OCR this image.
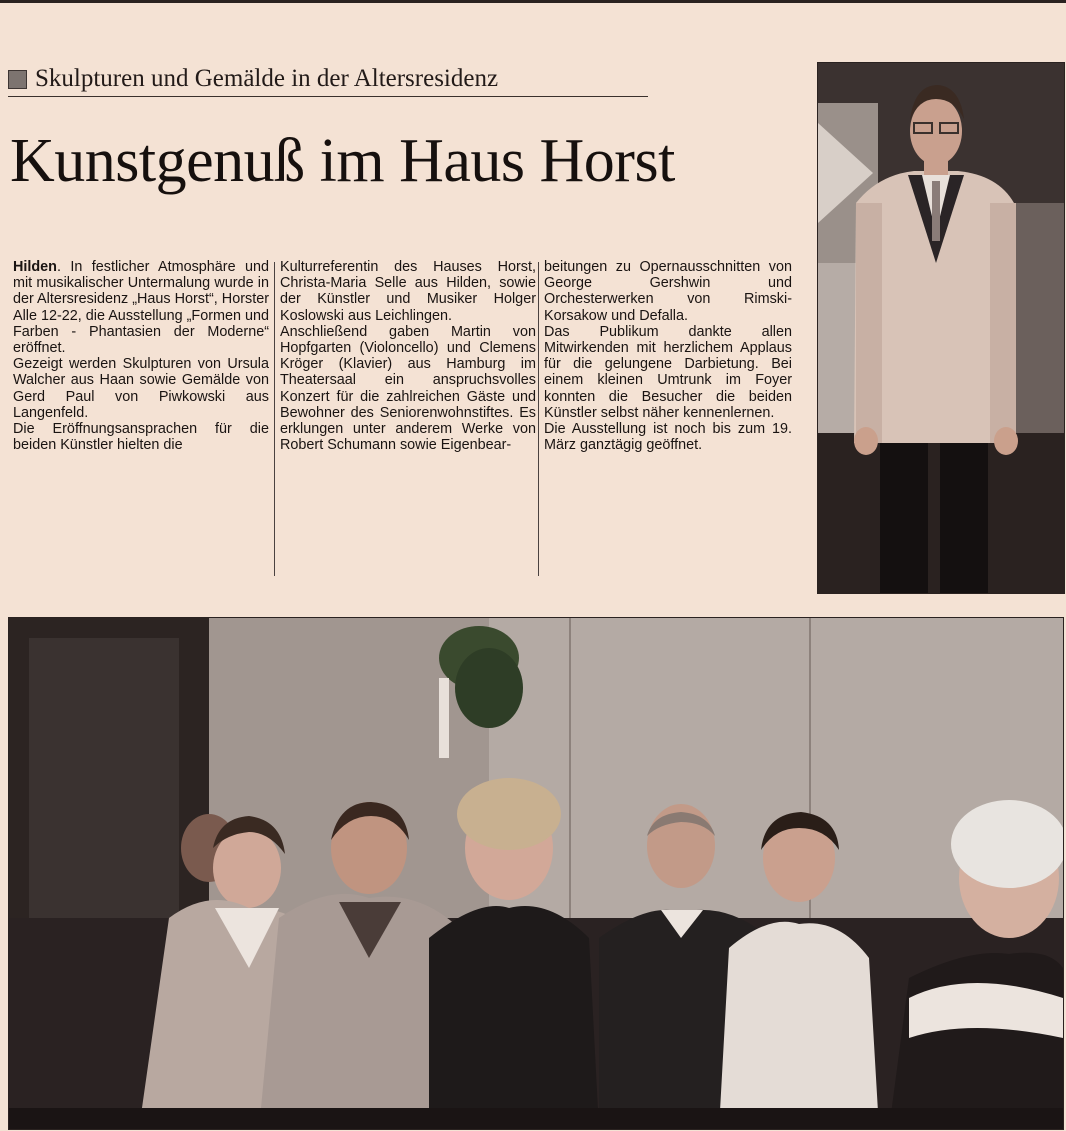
Skulpturen und Gemälde in der Altersresidenz
Kunstgenuß im Haus Horst

Hilden. In festlicher Atmosphäre und mit musikalischer Untermalung wurde in der Altersresidenz „Haus Horst“, Horster Alle 12-22, die Ausstellung „Formen und Farben - Phantasien der Moderne“ eröffnet.

Gezeigt werden Skulpturen von Ursula Walcher aus Haan sowie Gemälde von Gerd Paul von Piwkowski aus Langenfeld.

Die Eröffnungsansprachen für die beiden Künstler hielten die

Kulturreferentin des Hauses Horst, Christa-Maria Selle aus Hilden, sowie der Künstler und Musiker Holger Koslowski aus Leichlingen.

Anschließend gaben Martin von Hopfgarten (Violoncello) und Clemens Kröger (Klavier) aus Hamburg im Theatersaal ein anspruchsvolles Konzert für die zahlreichen Gäste und Bewohner des Seniorenwohnstiftes. Es erklungen unter anderem Werke von Robert Schumann sowie Eigenbear-

beitungen zu Opernausschnitten von George Gershwin und Orchesterwerken von Rimski-Korsakow und Defalla.

Das Publikum dankte allen Mitwirkenden mit herzlichem Applaus für die gelungene Darbietung. Bei einem kleinen Umtrunk im Foyer konnten die Besucher die beiden Künstler selbst näher kennenlernen.

Die Ausstellung ist noch bis zum 19. März ganztägig geöffnet.
